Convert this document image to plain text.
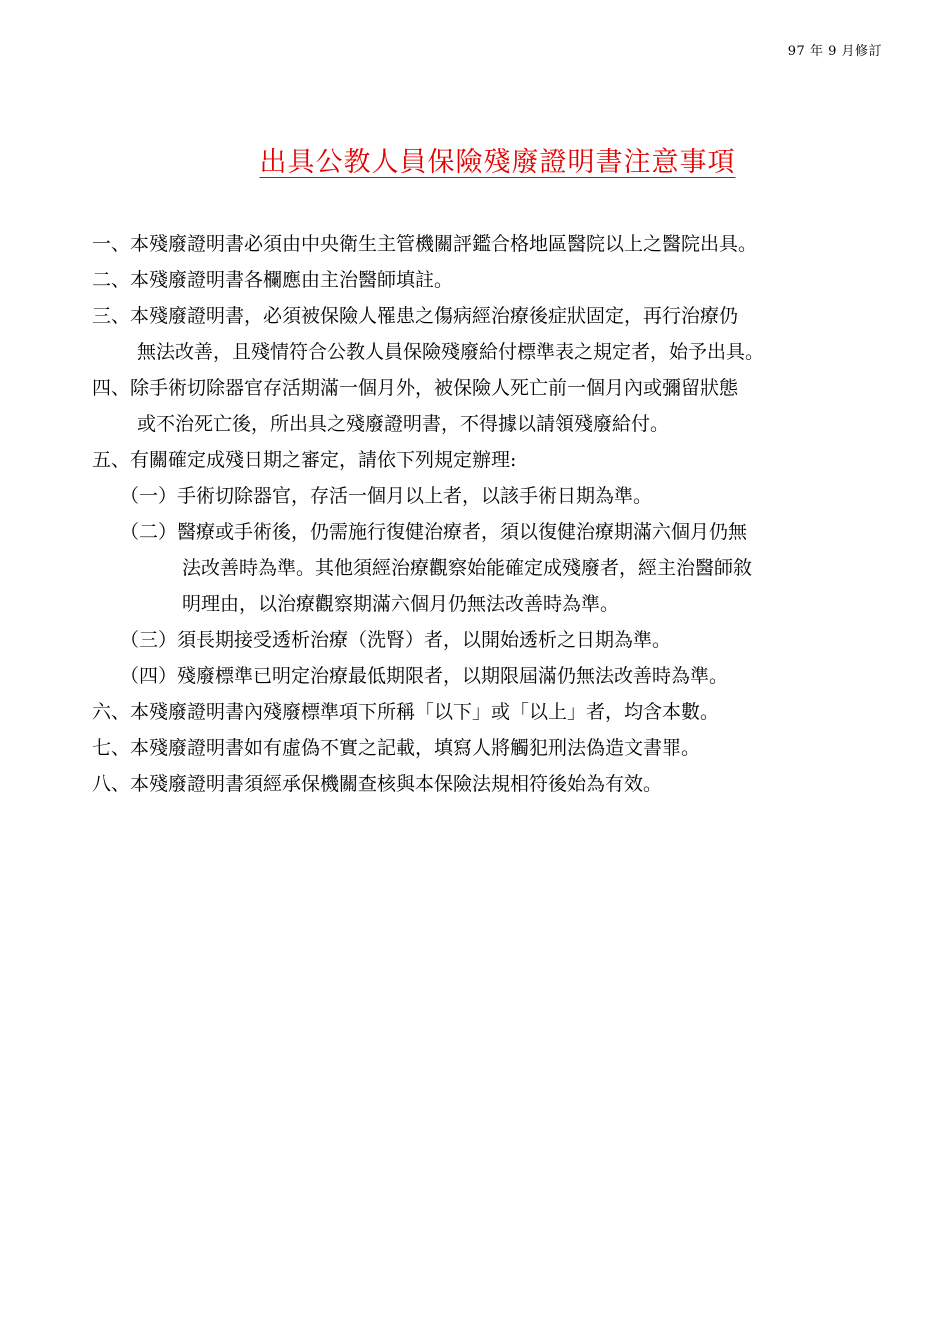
97 年 9 月修訂
出具公教人員保險殘廢證明書注意事項
一、本殘廢證明書必須由中央衛生主管機關評鑑合格地區醫院以上之醫院出具。
二、本殘廢證明書各欄應由主治醫師填註。
三、本殘廢證明書，必須被保險人罹患之傷病經治療後症狀固定，再行治療仍
無法改善，且殘情符合公教人員保險殘廢給付標準表之規定者，始予出具。
四、除手術切除器官存活期滿一個月外，被保險人死亡前一個月內或彌留狀態
或不治死亡後，所出具之殘廢證明書，不得據以請領殘廢給付。
五、有關確定成殘日期之審定，請依下列規定辦理:
（一）手術切除器官，存活一個月以上者，以該手術日期為準。
（二）醫療或手術後，仍需施行復健治療者，須以復健治療期滿六個月仍無
法改善時為準。其他須經治療觀察始能確定成殘廢者，經主治醫師敘
明理由，以治療觀察期滿六個月仍無法改善時為準。
（三）須長期接受透析治療（洗腎）者，以開始透析之日期為準。
（四）殘廢標準已明定治療最低期限者，以期限屆滿仍無法改善時為準。
六、本殘廢證明書內殘廢標準項下所稱「以下」或「以上」者，均含本數。
七、本殘廢證明書如有虛偽不實之記載，填寫人將觸犯刑法偽造文書罪。
八、本殘廢證明書須經承保機關查核與本保險法規相符後始為有效。
